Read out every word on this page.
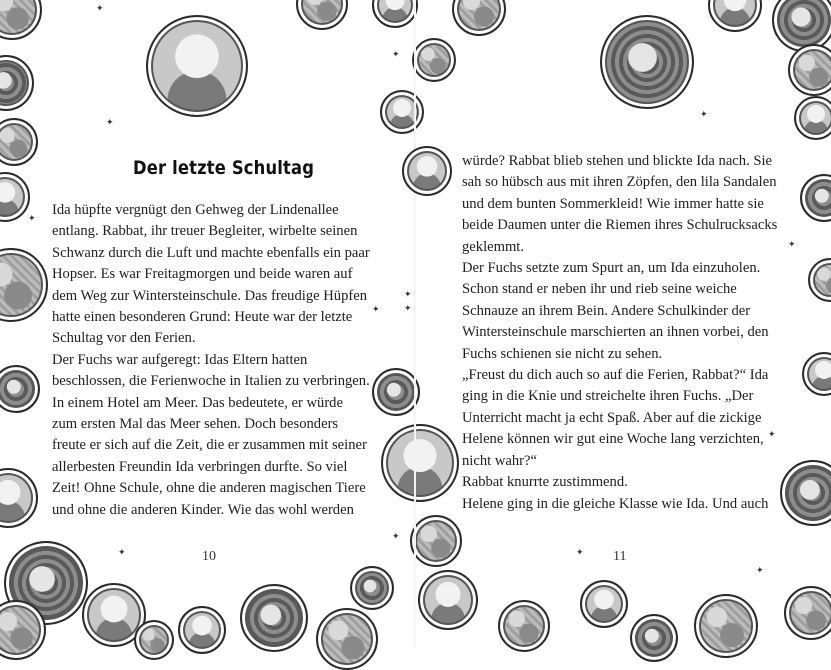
✦
✦
✦
✦
✦
✦
✦
Der letzte Schultag
Ida hüpfte vergnügt den Gehweg der Lindenallee
entlang. Rabbat, ihr treuer Begleiter, wirbelte seinen
Schwanz durch die Luft und machte ebenfalls ein paar
Hopser. Es war Freitagmorgen und beide waren auf
dem Weg zur Wintersteinschule. Das freudige Hüpfen
hatte einen besonderen Grund: Heute war der letzte
Schultag vor den Ferien.
Der Fuchs war aufgeregt: Idas Eltern hatten
beschlossen, die Ferienwoche in Italien zu verbringen.
In einem Hotel am Meer. Das bedeutete, er würde
zum ersten Mal das Meer sehen. Doch besonders
freute er sich auf die Zeit, die er zusammen mit seiner
allerbesten Freundin Ida verbringen durfte. So viel
Zeit! Ohne Schule, ohne die anderen magischen Tiere
und ohne die anderen Kinder. Wie das wohl werden
10
✦
✦
✦
✦
✦
✦
✦
würde? Rabbat blieb stehen und blickte Ida nach. Sie
sah so hübsch aus mit ihren Zöpfen, den lila Sandalen
und dem bunten Sommerkleid! Wie immer hatte sie
beide Daumen unter die Riemen ihres Schulrucksacks
geklemmt.
Der Fuchs setzte zum Spurt an, um Ida einzuholen.
Schon stand er neben ihr und rieb seine weiche
Schnauze an ihrem Bein. Andere Schulkinder der
Wintersteinschule marschierten an ihnen vorbei, den
Fuchs schienen sie nicht zu sehen.
„Freust du dich auch so auf die Ferien, Rabbat?“ Ida
ging in die Knie und streichelte ihren Fuchs. „Der
Unterricht macht ja echt Spaß. Aber auf die zickige
Helene können wir gut eine Woche lang verzichten,
nicht wahr?“
Rabbat knurrte zustimmend.
Helene ging in die gleiche Klasse wie Ida. Und auch
11
